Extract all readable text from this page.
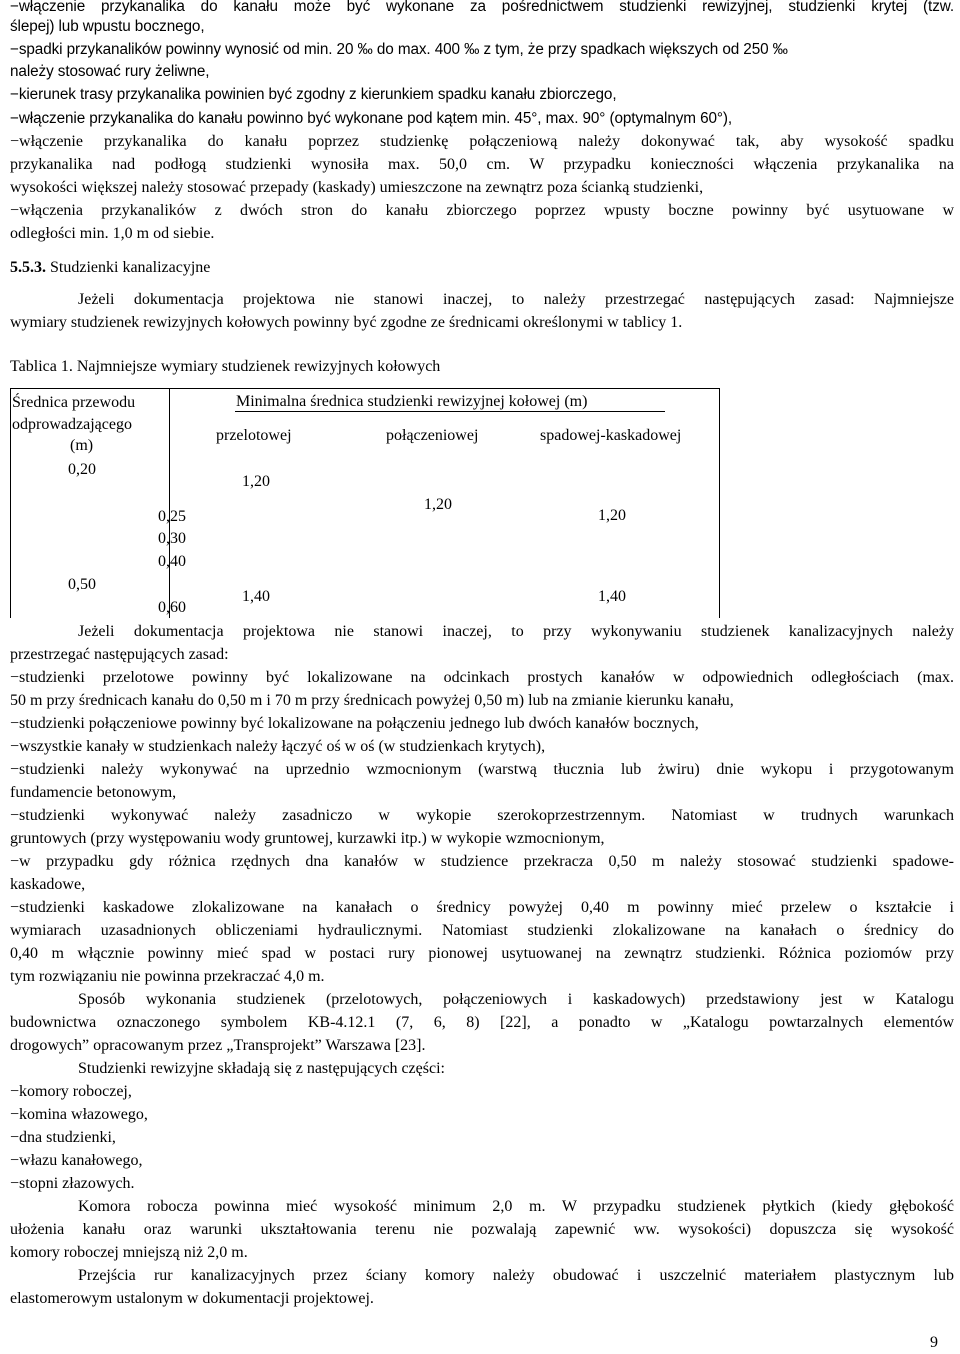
−włączenie przykanalika do kanału może być wykonane za pośrednictwem studzienki rewizyjnej, studzienki krytej (tzw.
ślepej) lub wpustu bocznego,
−spadki przykanalików powinny wynosić od min. 20 ‰ do max. 400 ‰ z tym, że przy spadkach większych od 250 ‰
należy stosować rury żeliwne,
−kierunek trasy przykanalika powinien być zgodny z kierunkiem spadku kanału zbiorczego,
−włączenie przykanalika do kanału powinno być wykonane pod kątem min. 45°, max. 90° (optymalnym 60°),
−włączenie przykanalika do kanału poprzez studzienkę połączeniową należy dokonywać tak, aby wysokość spadku
przykanalika nad podłogą studzienki wynosiła max. 50,0 cm. W przypadku konieczności włączenia przykanalika na
wysokości większej należy stosować przepady (kaskady) umieszczone na zewnątrz poza ścianką studzienki,
−włączenia przykanalików z dwóch stron do kanału zbiorczego poprzez wpusty boczne powinny być usytuowane w
odległości min. 1,0 m od siebie.
5.5.3. Studzienki kanalizacyjne
Jeżeli dokumentacja projektowa nie stanowi inaczej, to należy przestrzegać następujących zasad: Najmniejsze
wymiary studzienek rewizyjnych kołowych powinny być zgodne ze średnicami określonymi w tablicy 1.
Tablica 1. Najmniejsze wymiary studzienek rewizyjnych kołowych
Średnica przewodu
odprowadzającego
(m)
Minimalna średnica studzienki rewizyjnej kołowej (m)
przelotowej	połączeniowej	spadowej-kaskadowej
0,20
0,25
0,30
0,40
0,50
0,60
1,20
1,40
1,20
1,20
1,40
Jeżeli dokumentacja projektowa nie stanowi inaczej, to przy wykonywaniu studzienek kanalizacyjnych należy
przestrzegać następujących zasad:
−studzienki przelotowe powinny być lokalizowane na odcinkach prostych kanałów w odpowiednich odległościach (max.
50 m przy średnicach kanału do 0,50 m i 70 m przy średnicach powyżej 0,50 m) lub na zmianie kierunku kanału,
−studzienki połączeniowe powinny być lokalizowane na połączeniu jednego lub dwóch kanałów bocznych,
−wszystkie kanały w studzienkach należy łączyć oś w oś (w studzienkach krytych),
−studzienki należy wykonywać na uprzednio wzmocnionym (warstwą tłucznia lub żwiru) dnie wykopu i przygotowanym
fundamencie betonowym,
−studzienki wykonywać należy zasadniczo w wykopie szerokoprzestrzennym. Natomiast w trudnych warunkach
gruntowych (przy występowaniu wody gruntowej, kurzawki itp.) w wykopie wzmocnionym,
−w przypadku gdy różnica rzędnych dna kanałów w studzience przekracza 0,50 m należy stosować studzienki spadowe-
kaskadowe,
−studzienki kaskadowe zlokalizowane na kanałach o średnicy powyżej 0,40 m powinny mieć przelew o kształcie i
wymiarach uzasadnionych obliczeniami hydraulicznymi. Natomiast studzienki zlokalizowane na kanałach o średnicy do
0,40 m włącznie powinny mieć spad w postaci rury pionowej usytuowanej na zewnątrz studzienki. Różnica poziomów przy
tym rozwiązaniu nie powinna przekraczać 4,0 m.
Sposób wykonania studzienek (przelotowych, połączeniowych i kaskadowych) przedstawiony jest w Katalogu
budownictwa oznaczonego symbolem KB-4.12.1 (7, 6, 8) [22], a ponadto w „Katalogu powtarzalnych elementów
drogowych” opracowanym przez „Transprojekt” Warszawa [23].
Studzienki rewizyjne składają się z następujących części:
−komory roboczej,
−komina włazowego,
−dna studzienki,
−włazu kanałowego,
−stopni złazowych.
Komora robocza powinna mieć wysokość minimum 2,0 m. W przypadku studzienek płytkich (kiedy głębokość
ułożenia kanału oraz warunki ukształtowania terenu nie pozwalają zapewnić ww. wysokości) dopuszcza się wysokość
komory roboczej mniejszą niż 2,0 m.
Przejścia rur kanalizacyjnych przez ściany komory należy obudować i uszczelnić materiałem plastycznym lub
elastomerowym ustalonym w dokumentacji projektowej.
9
